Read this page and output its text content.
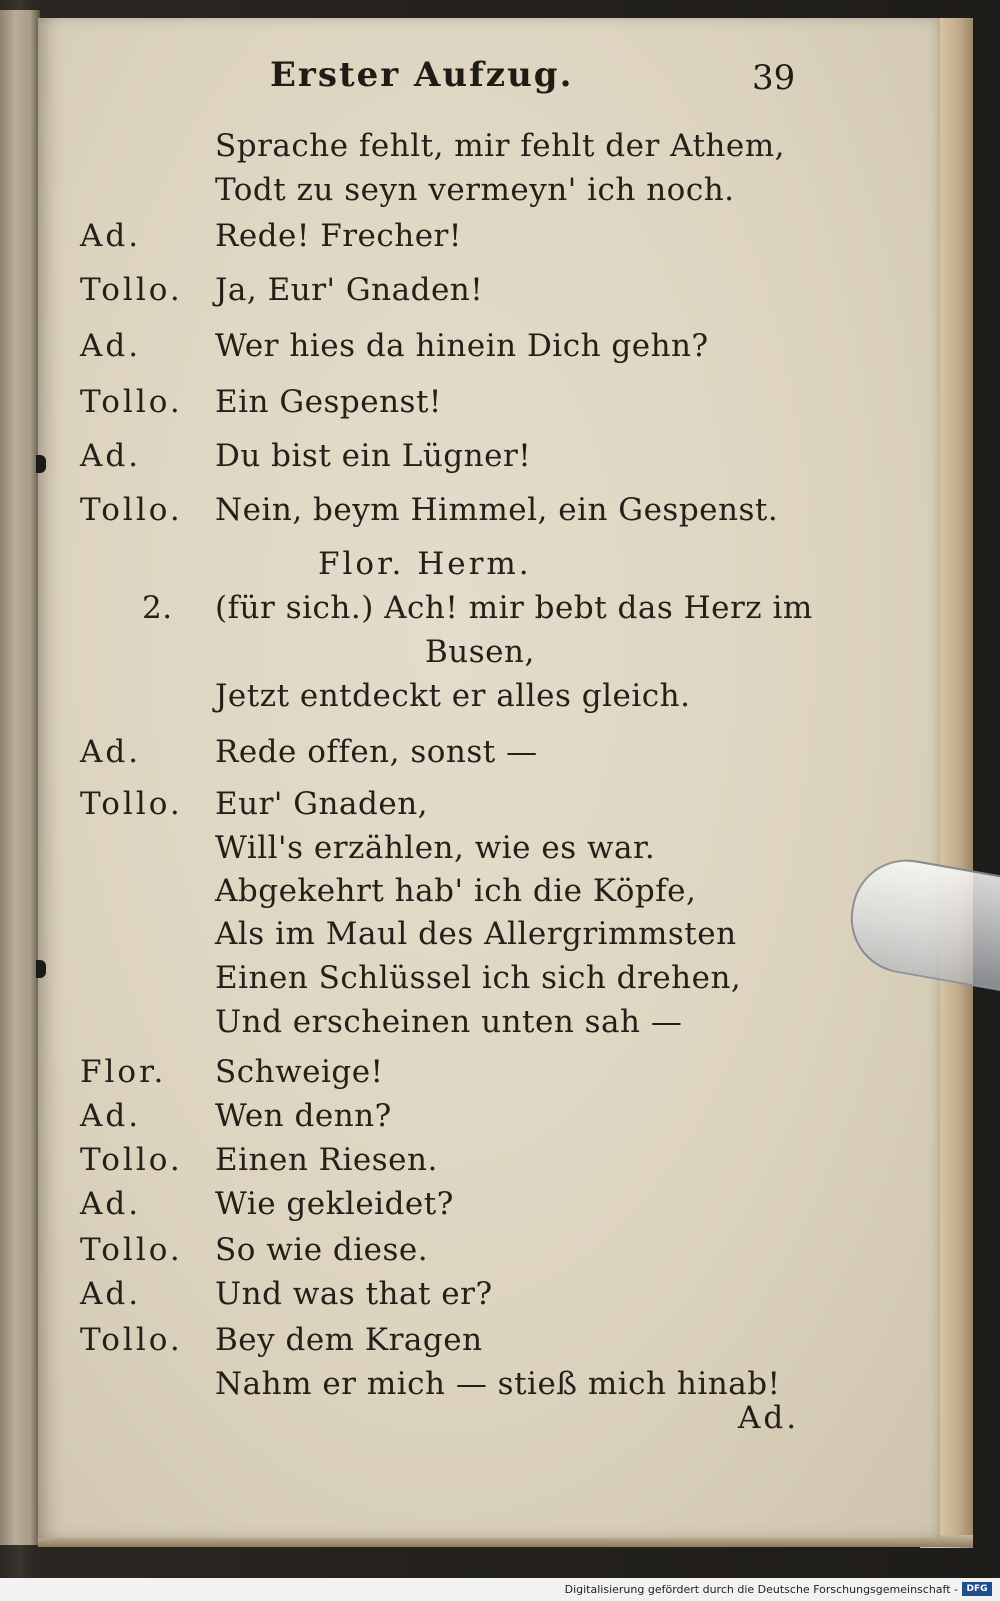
Erster Aufzug.	39
Sprache fehlt, mir fehlt der Athem,
Todt zu seyn vermeyn' ich noch.
Ad. Rede! Frecher!
Tollo. Ja, Eur' Gnaden!
Ad. Wer hies da hinein Dich gehn?
Tollo. Ein Gespenst!
Ad. Du bist ein Lügner!
Tollo. Nein, beym Himmel, ein Gespenst.
Flor. Herm.
2. (für sich.) Ach! mir bebt das Herz im
Busen,
Jetzt entdeckt er alles gleich.
Ad. Rede offen, sonst —
Tollo. Eur' Gnaden,
Will's erzählen, wie es war.
Abgekehrt hab' ich die Köpfe,
Als im Maul des Allergrimmsten
Einen Schlüssel ich sich drehen,
Und erscheinen unten sah —
Flor. Schweige!
Ad. Wen denn?
Tollo. Einen Riesen.
Ad. Wie gekleidet?
Tollo. So wie diese.
Ad. Und was that er?
Tollo. Bey dem Kragen
Nahm er mich — stieß mich hinab!
Ad.
Digitalisierung gefördert durch die Deutsche Forschungsgemeinschaft - DFG
